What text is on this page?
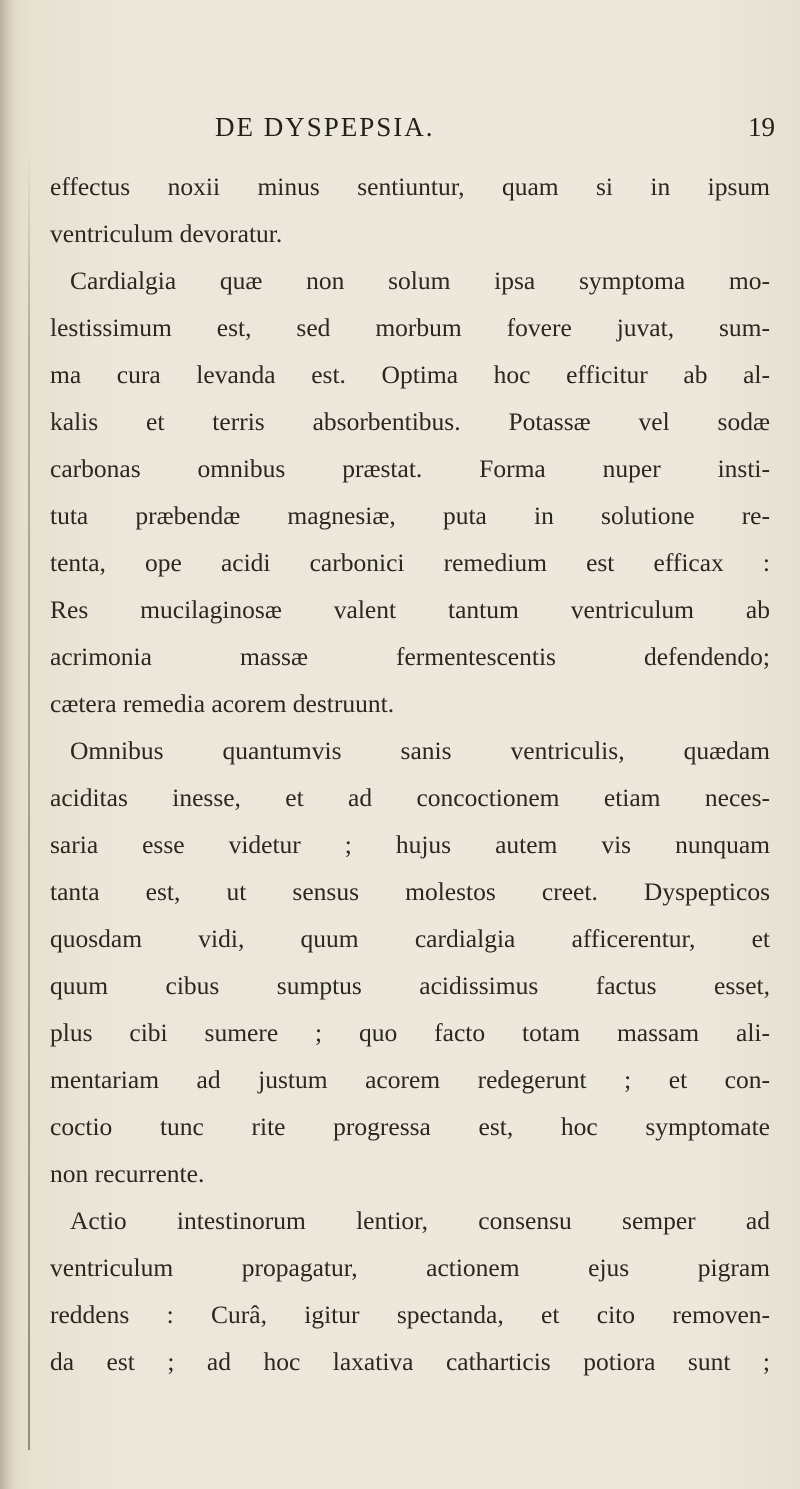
DE DYSPEPSIA.	19
effectus noxii minus sentiuntur, quam si in ipsum
ventriculum devoratur.
Cardialgia quæ non solum ipsa symptoma mo-
lestissimum est, sed morbum fovere juvat, sum-
ma cura levanda est. Optima hoc efficitur ab al-
kalis et terris absorbentibus. Potassæ vel sodæ
carbonas omnibus præstat. Forma nuper insti-
tuta præbendæ magnesiæ, puta in solutione re-
tenta, ope acidi carbonici remedium est efficax :
Res mucilaginosæ valent tantum ventriculum ab
acrimonia massæ fermentescentis defendendo;
cætera remedia acorem destruunt.
Omnibus quantumvis sanis ventriculis, quædam
aciditas inesse, et ad concoctionem etiam neces-
saria esse videtur ; hujus autem vis nunquam
tanta est, ut sensus molestos creet. Dyspepticos
quosdam vidi, quum cardialgia afficerentur, et
quum cibus sumptus acidissimus factus esset,
plus cibi sumere ; quo facto totam massam ali-
mentariam ad justum acorem redegerunt ; et con-
coctio tunc rite progressa est, hoc symptomate
non recurrente.
Actio intestinorum lentior, consensu semper ad
ventriculum propagatur, actionem ejus pigram
reddens : Curâ, igitur spectanda, et cito removen-
da est ; ad hoc laxativa catharticis potiora sunt ;
